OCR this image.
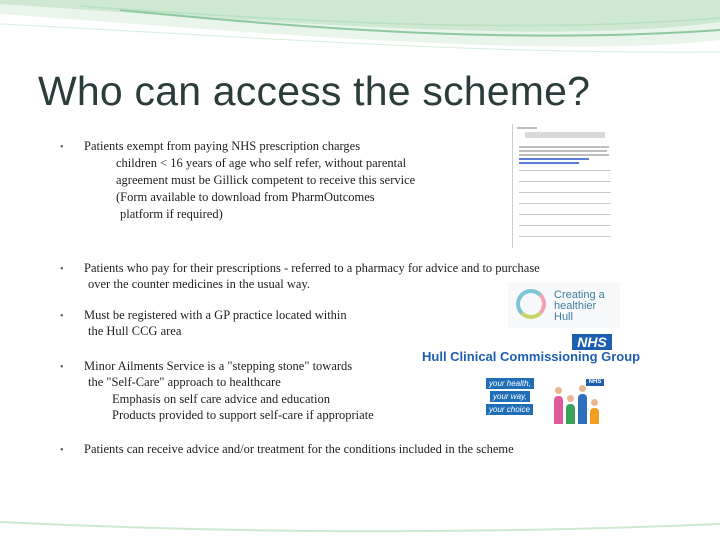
Who can access the scheme?
• Patients exempt from paying NHS prescription charges
children < 16 years of age who self refer, without parental
agreement must be Gillick competent to receive this service
(Form available to download from PharmOutcomes
platform if required)
• Patients who pay for their prescriptions - referred to a pharmacy for advice and to purchase
over the counter medicines in the usual way.
• Must be registered with a GP practice located within
the Hull CCG area
• Minor Ailments Service is a "stepping stone" towards
the "Self-Care" approach to healthcare
Emphasis on self care advice and education
Products provided to support self-care if appropriate
• Patients can receive advice and/or treatment for the conditions included in the scheme
Creating a
healthier
Hull
NHS
Hull Clinical Commissioning Group
your health,
your way,
your choice
NHS
